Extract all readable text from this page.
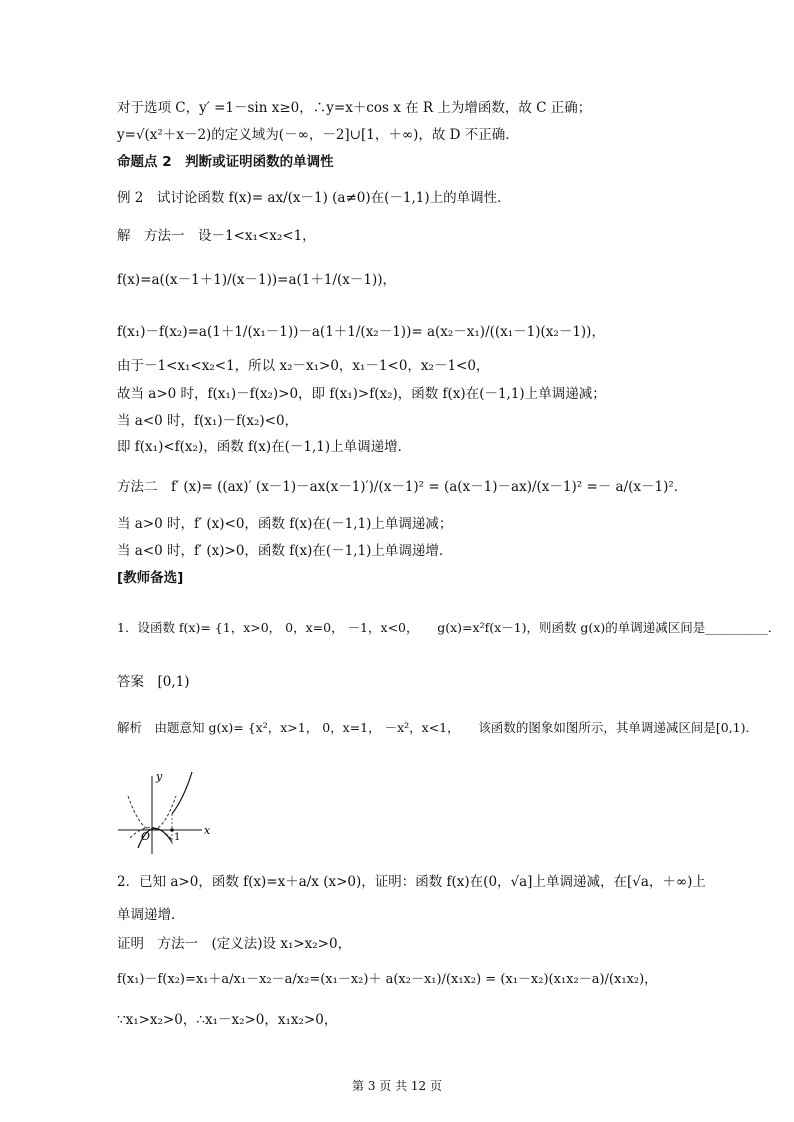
对于选项 C，y′ =1－sin x≥0，∴y=x＋cos x 在 R 上为增函数，故 C 正确；
y=√(x²＋x－2)的定义域为(－∞，－2]∪[1，＋∞)，故 D 不正确．
命题点 2　判断或证明函数的单调性
例 2　试讨论函数 f(x)= ax/(x－1) (a≠0)在(－1,1)上的单调性．
解　方法一　设－1<x₁<x₂<1，
f(x)=a((x－1＋1)/(x－1))=a(1＋1/(x－1))，
f(x₁)－f(x₂)=a(1＋1/(x₁－1))－a(1＋1/(x₂－1))= a(x₂－x₁)/((x₁－1)(x₂－1))，
由于－1<x₁<x₂<1，所以 x₂－x₁>0，x₁－1<0，x₂－1<0，
故当 a>0 时，f(x₁)－f(x₂)>0，即 f(x₁)>f(x₂)，函数 f(x)在(－1,1)上单调递减；
当 a<0 时，f(x₁)－f(x₂)<0，
即 f(x₁)<f(x₂)，函数 f(x)在(－1,1)上单调递增．
方法二　f′ (x)= ((ax)′ (x－1)－ax(x－1)′)/(x－1)² = (a(x－1)－ax)/(x－1)² =－ a/(x－1)²．
当 a>0 时，f′ (x)<0，函数 f(x)在(－1,1)上单调递减；
当 a<0 时，f′ (x)>0，函数 f(x)在(－1,1)上单调递增．
[教师备选]
1．设函数 f(x)= {1，x>0， 0，x=0， －1，x<0，　　g(x)=x²f(x－1)，则函数 g(x)的单调递减区间是__________．
答案　[0,1)
解析　由题意知 g(x)= {x²，x>1， 0，x=1， －x²，x<1，　　该函数的图象如图所示，其单调递减区间是[0,1)．
y
x
O 1
2．已知 a>0，函数 f(x)=x＋a/x (x>0)，证明：函数 f(x)在(0，√a]上单调递减，在[√a，＋∞)上
单调递增．
证明　方法一　(定义法)设 x₁>x₂>0，
f(x₁)－f(x₂)=x₁＋a/x₁－x₂－a/x₂=(x₁－x₂)＋ a(x₂－x₁)/(x₁x₂) = (x₁－x₂)(x₁x₂－a)/(x₁x₂)，
∵x₁>x₂>0，∴x₁－x₂>0，x₁x₂>0，
第 3 页 共 12 页
